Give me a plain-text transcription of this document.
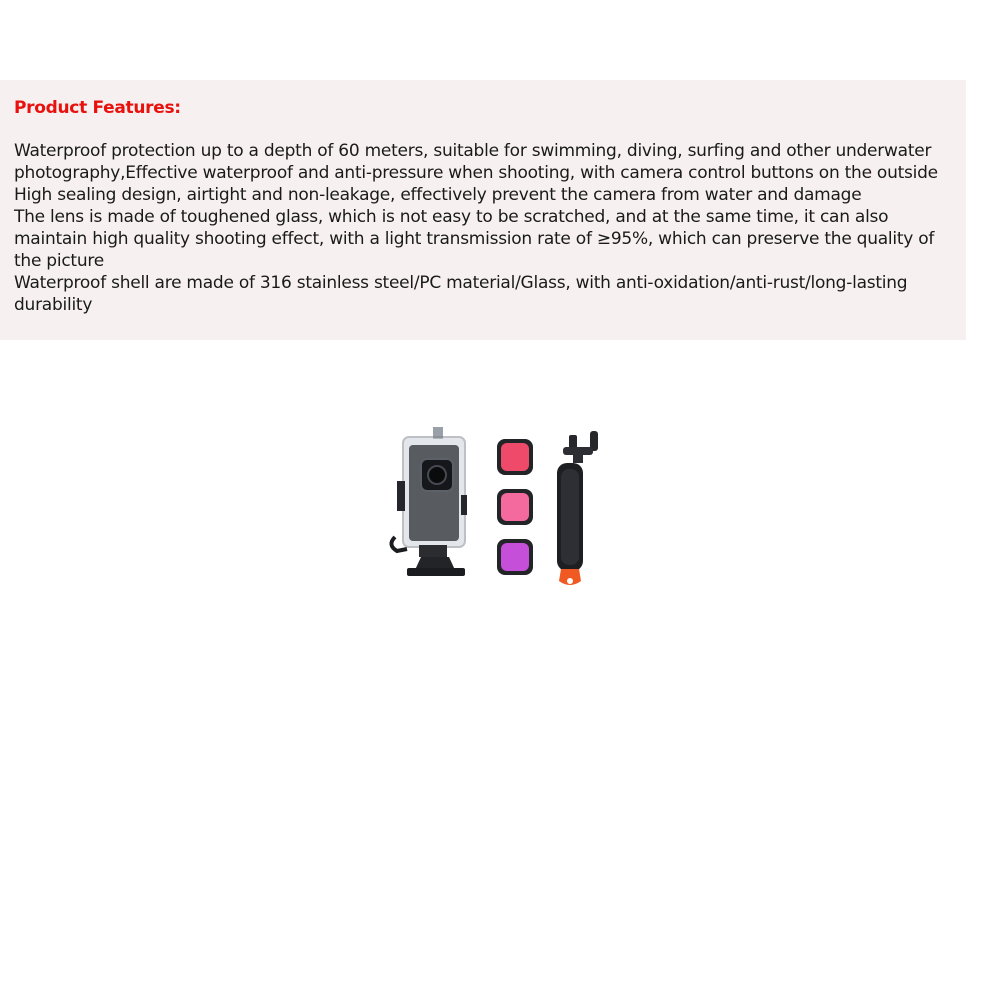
Product Features:
Waterproof protection up to a depth of 60 meters, suitable for swimming, diving, surfing and other underwater photography,Effective waterproof and anti-pressure when shooting, with camera control buttons on the outside
High sealing design, airtight and non-leakage, effectively prevent the camera from water and damage
The lens is made of toughened glass, which is not easy to be scratched, and at the same time, it can also maintain high quality shooting effect, with a light transmission rate of ≥95%, which can preserve the quality of the picture
Waterproof shell are made of 316 stainless steel/PC material/Glass, with anti-oxidation/anti-rust/long-lasting durability
